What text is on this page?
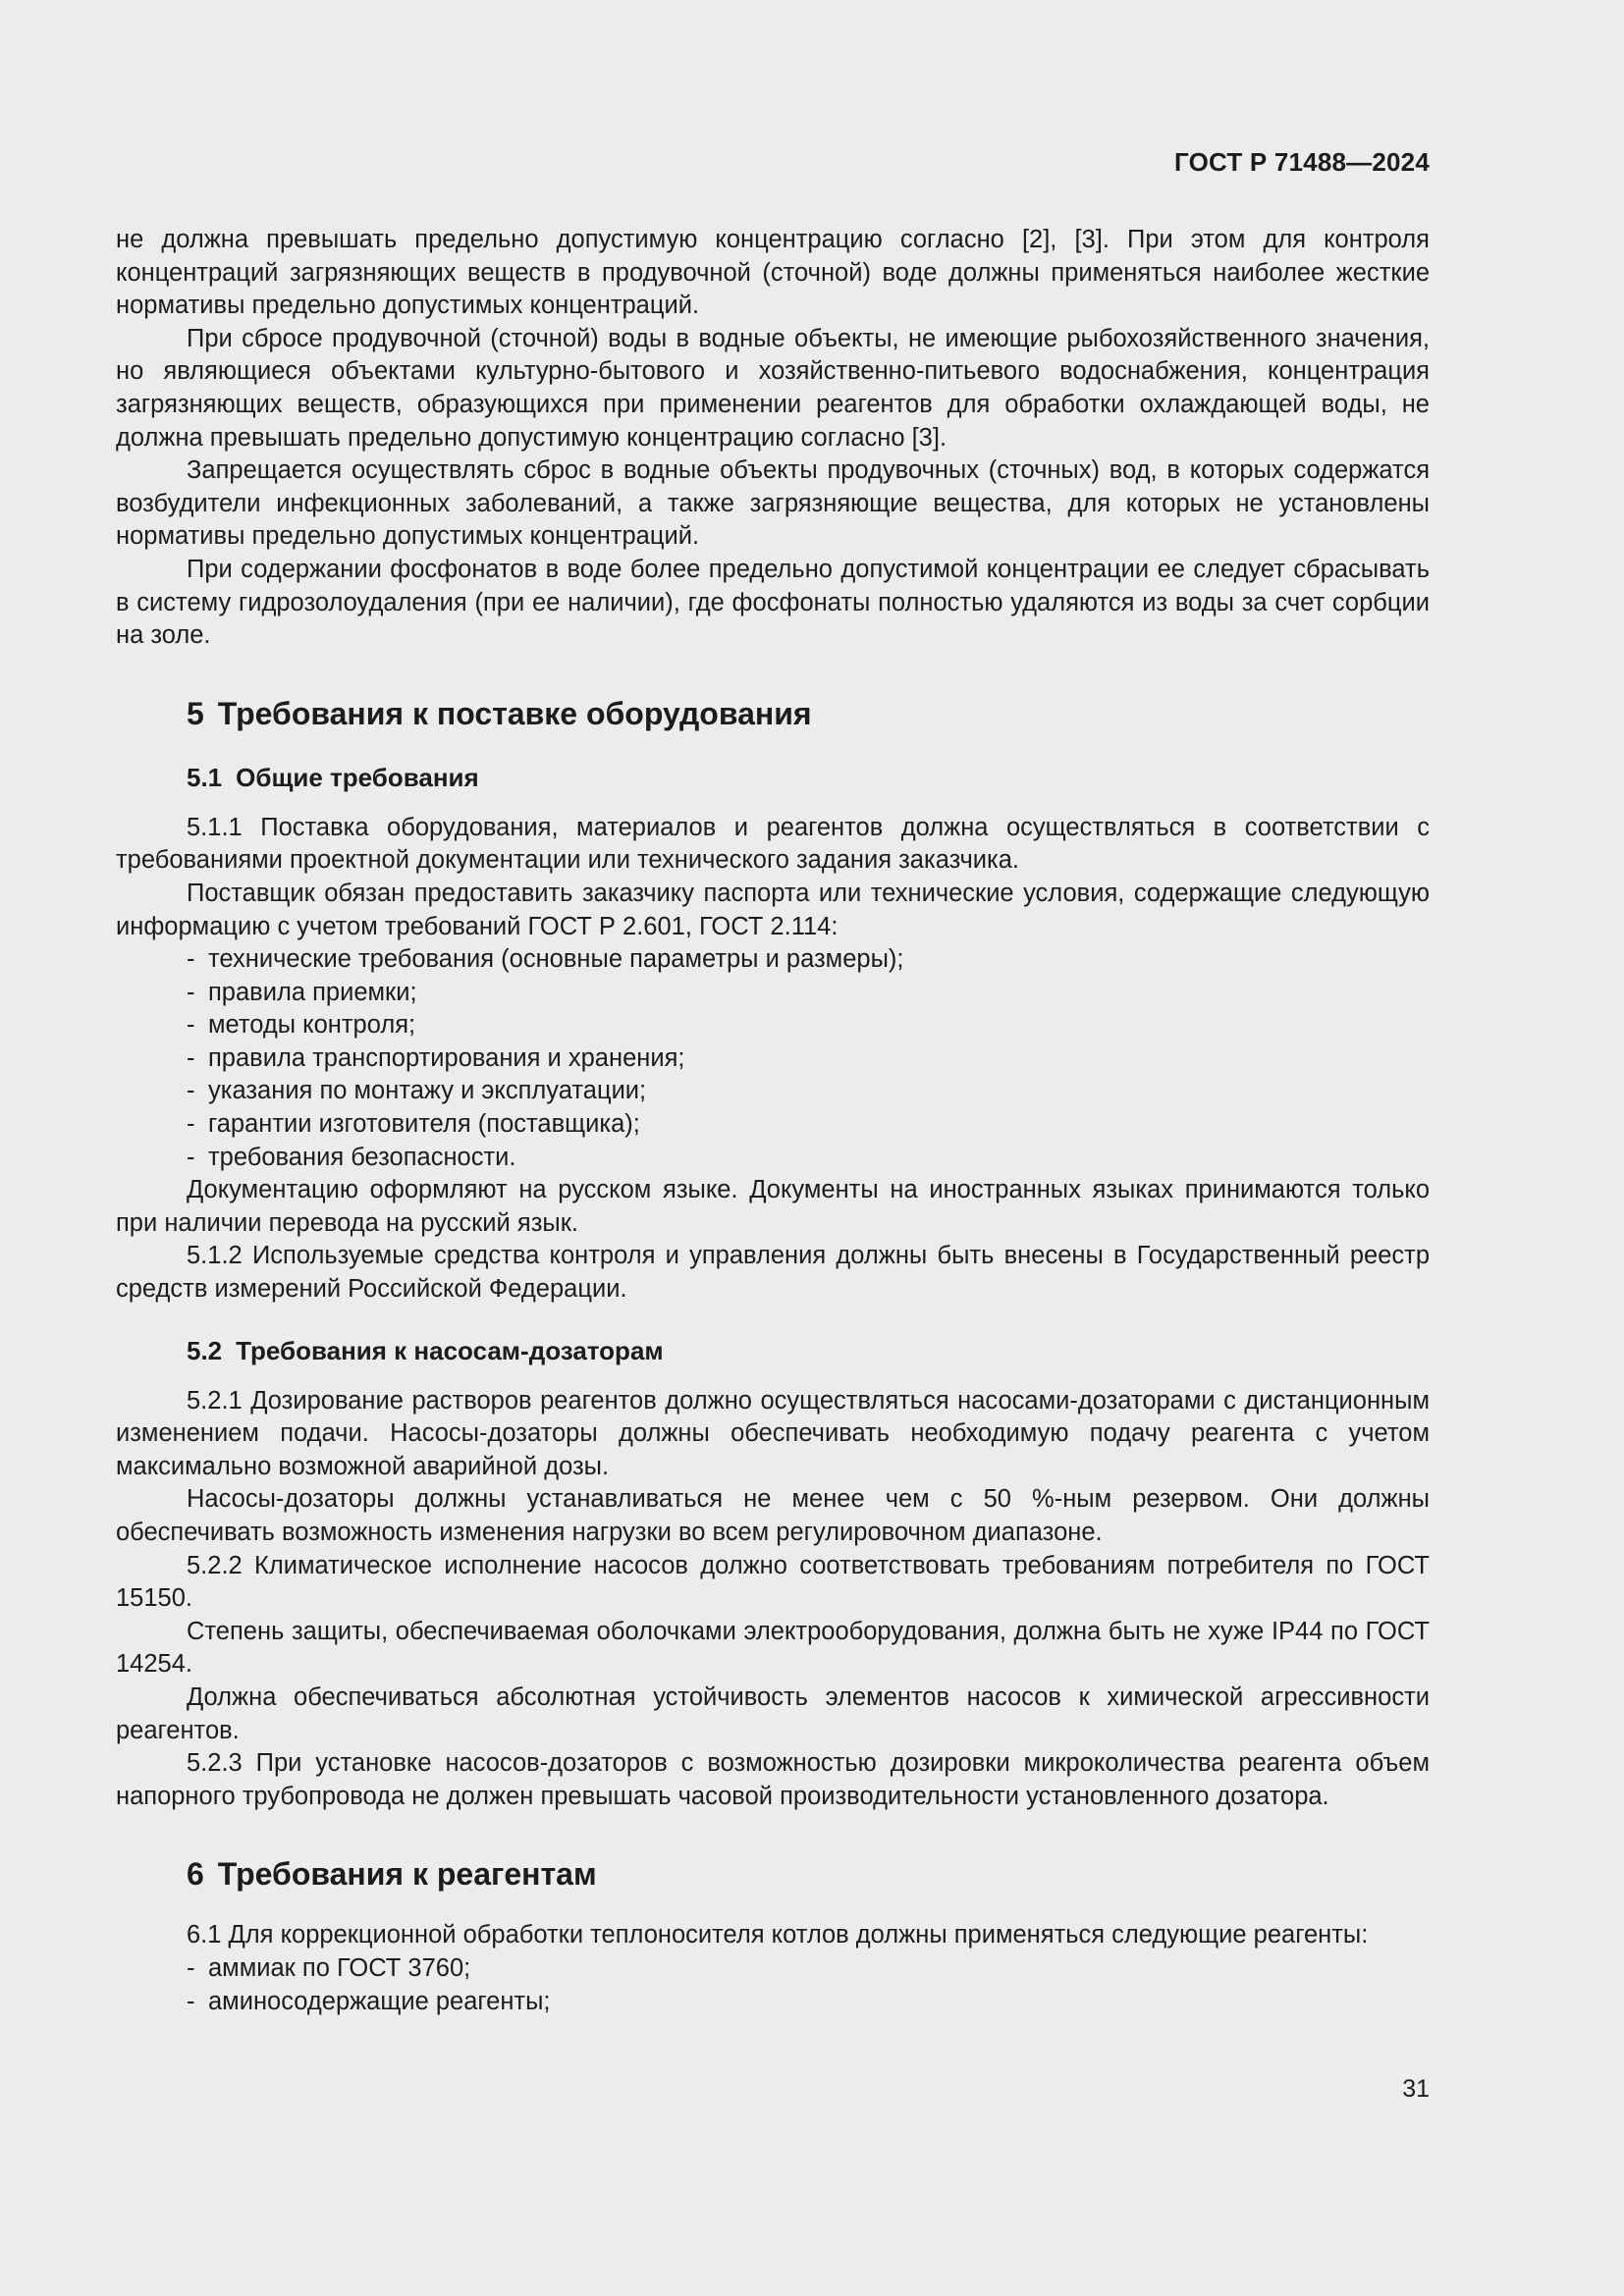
ГОСТ Р 71488—2024

не должна превышать предельно допустимую концентрацию согласно [2], [3]. При этом для контроля концентраций загрязняющих веществ в продувочной (сточной) воде должны применяться наиболее жесткие нормативы предельно допустимых концентраций.

При сбросе продувочной (сточной) воды в водные объекты, не имеющие рыбохозяйственного значения, но являющиеся объектами культурно-бытового и хозяйственно-питьевого водоснабжения, концентрация загрязняющих веществ, образующихся при применении реагентов для обработки охлаждающей воды, не должна превышать предельно допустимую концентрацию согласно [3].

Запрещается осуществлять сброс в водные объекты продувочных (сточных) вод, в которых содержатся возбудители инфекционных заболеваний, а также загрязняющие вещества, для которых не установлены нормативы предельно допустимых концентраций.

При содержании фосфонатов в воде более предельно допустимой концентрации ее следует сбрасывать в систему гидрозолоудаления (при ее наличии), где фосфонаты полностью удаляются из воды за счет сорбции на золе.

5 Требования к поставке оборудования
5.1 Общие требования

5.1.1 Поставка оборудования, материалов и реагентов должна осуществляться в соответствии с требованиями проектной документации или технического задания заказчика.

Поставщик обязан предоставить заказчику паспорта или технические условия, содержащие следующую информацию с учетом требований ГОСТ Р 2.601, ГОСТ 2.114:

- технические требования (основные параметры и размеры);

- правила приемки;

- методы контроля;

- правила транспортирования и хранения;

- указания по монтажу и эксплуатации;

- гарантии изготовителя (поставщика);

- требования безопасности.

Документацию оформляют на русском языке. Документы на иностранных языках принимаются только при наличии перевода на русский язык.

5.1.2 Используемые средства контроля и управления должны быть внесены в Государственный реестр средств измерений Российской Федерации.

5.2 Требования к насосам-дозаторам

5.2.1 Дозирование растворов реагентов должно осуществляться насосами-дозаторами с дистанционным изменением подачи. Насосы-дозаторы должны обеспечивать необходимую подачу реагента с учетом максимально возможной аварийной дозы.

Насосы-дозаторы должны устанавливаться не менее чем с 50 %-ным резервом. Они должны обеспечивать возможность изменения нагрузки во всем регулировочном диапазоне.

5.2.2 Климатическое исполнение насосов должно соответствовать требованиям потребителя по ГОСТ 15150.

Степень защиты, обеспечиваемая оболочками электрооборудования, должна быть не хуже IP44 по ГОСТ 14254.

Должна обеспечиваться абсолютная устойчивость элементов насосов к химической агрессивности реагентов.

5.2.3 При установке насосов-дозаторов с возможностью дозировки микроколичества реагента объем напорного трубопровода не должен превышать часовой производительности установленного дозатора.

6 Требования к реагентам

6.1 Для коррекционной обработки теплоносителя котлов должны применяться следующие реагенты:

- аммиак по ГОСТ 3760;

- аминосодержащие реагенты;

31
